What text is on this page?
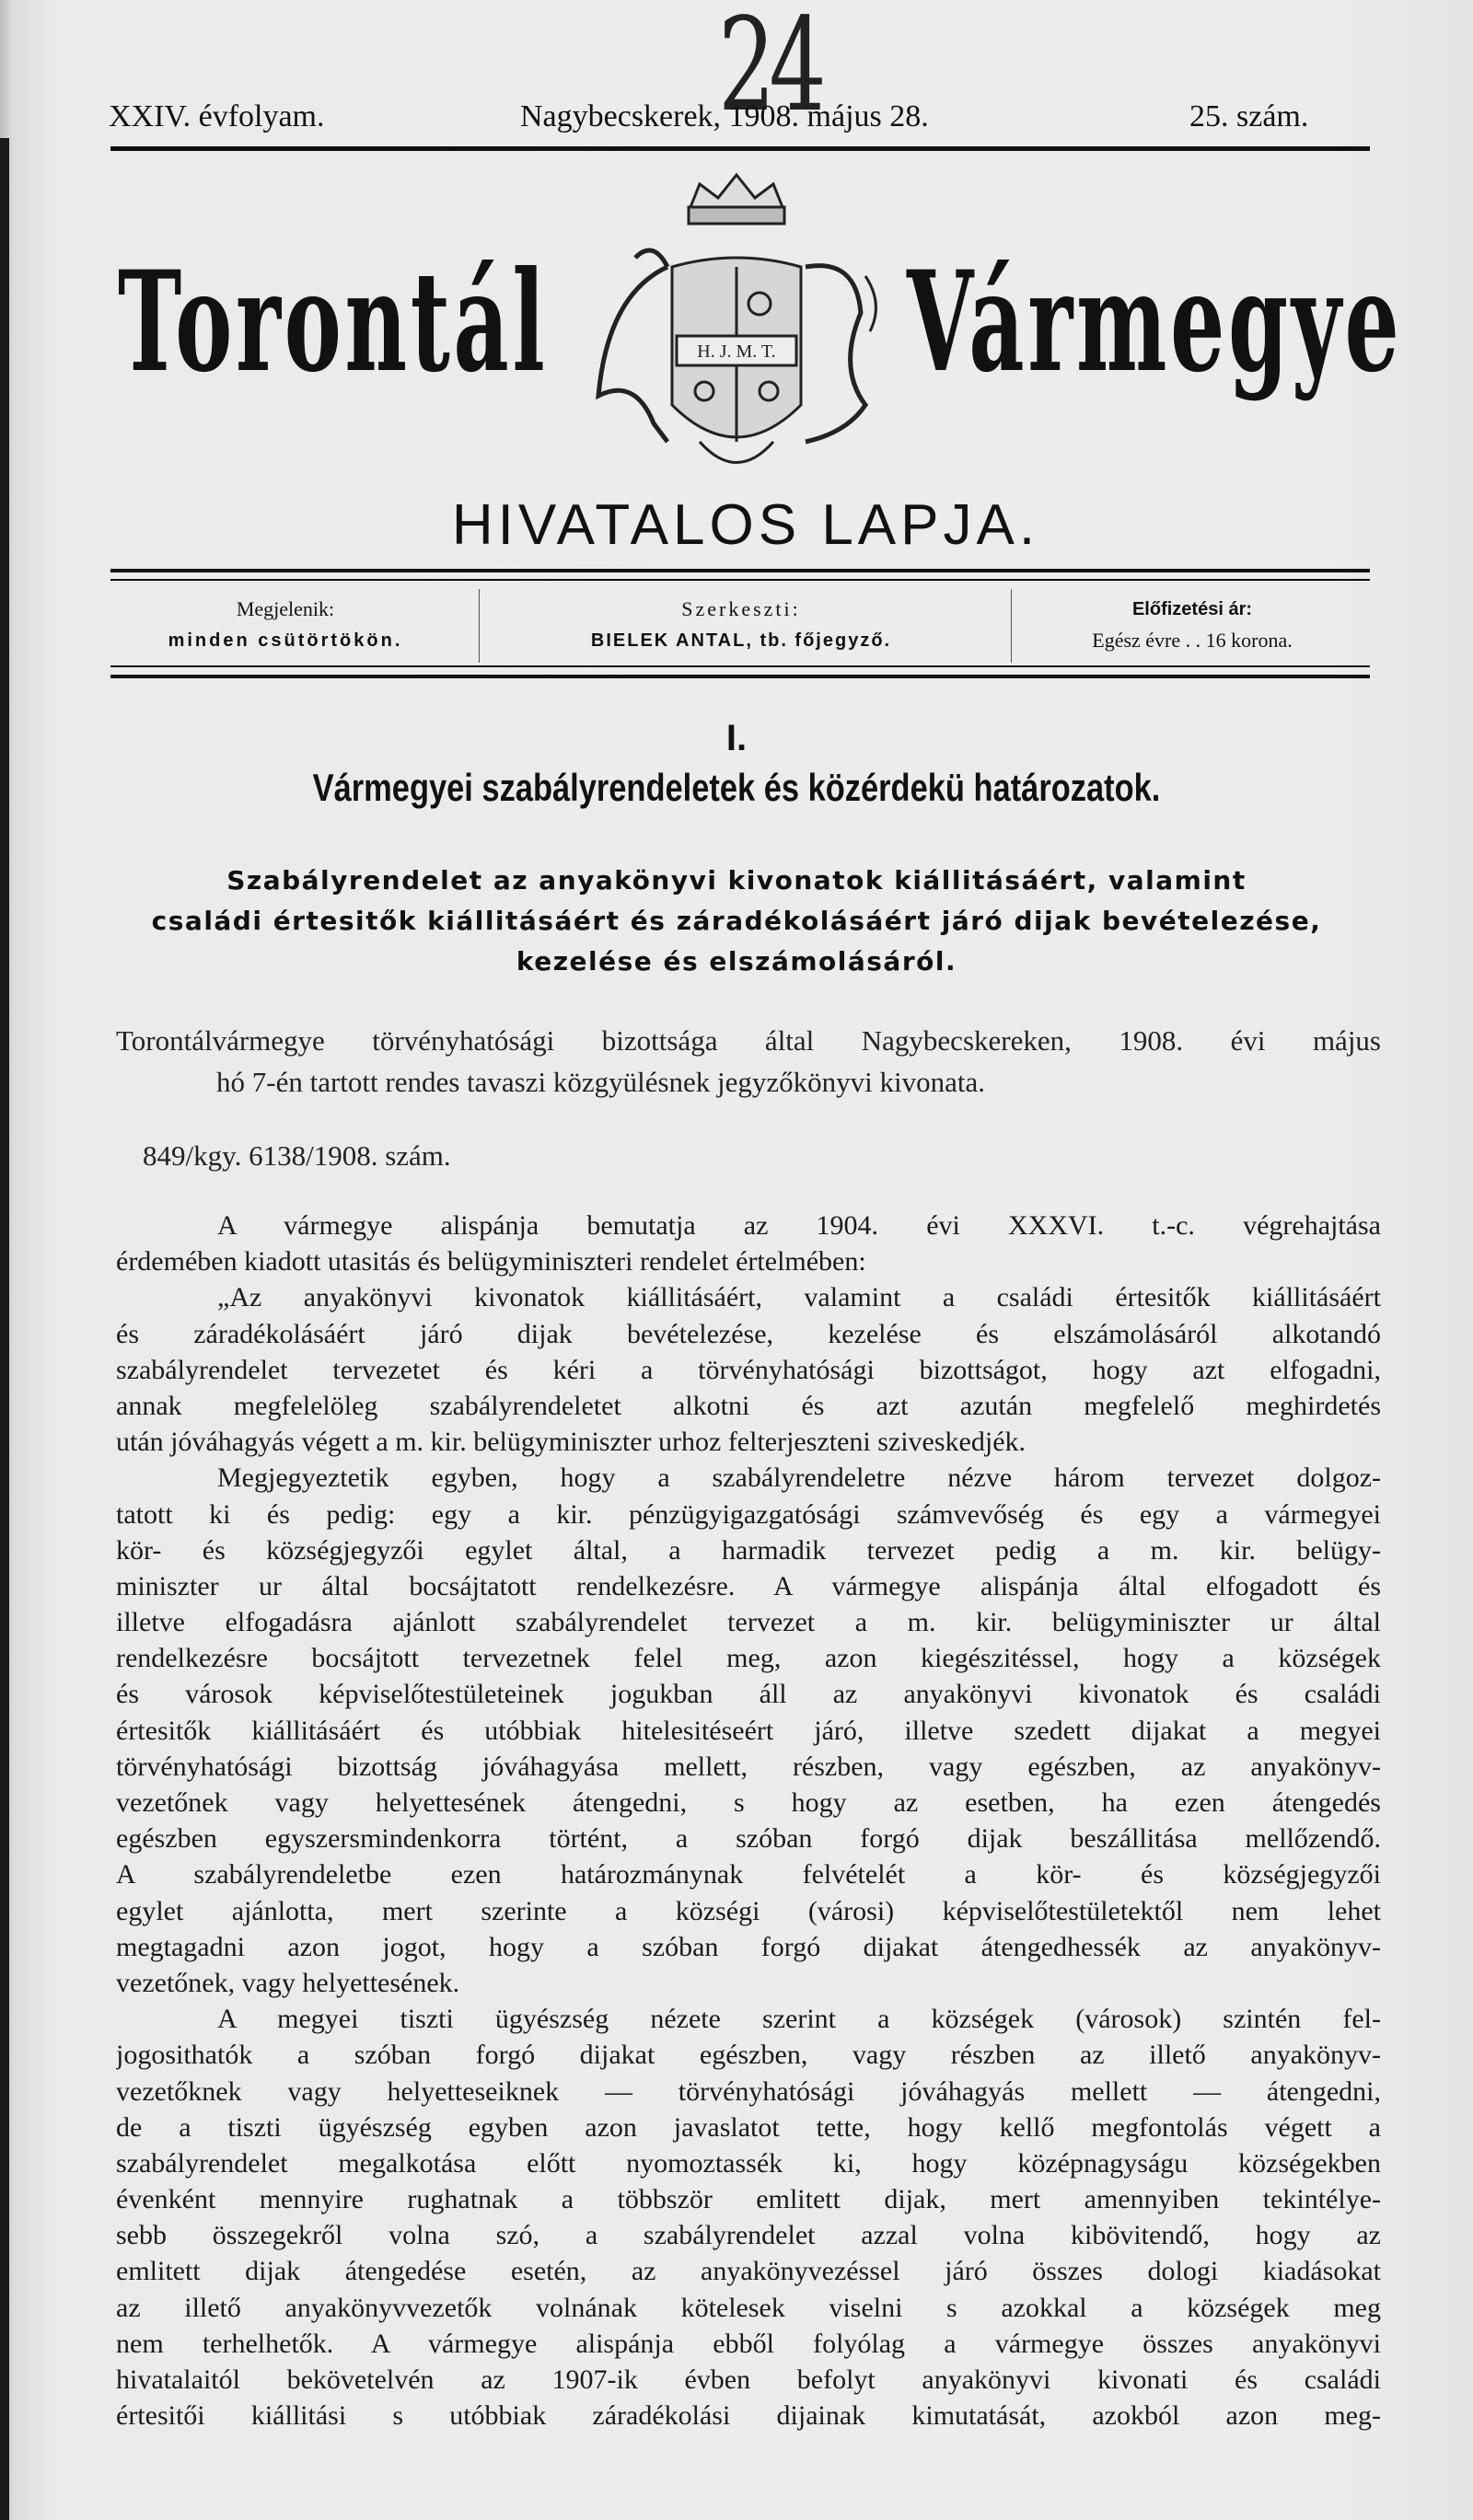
24
XXIV. évfolyam.	Nagybecskerek, 1908. május 28.	25. szám.
Torontál	Vármegye
H. J. M. T.
HIVATALOS LAPJA.
Megjelenik:
minden csütörtökön.
Szerkeszti:
BIELEK ANTAL, tb. főjegyző.
Előfizetési ár:
Egész évre . . 16 korona.
I.
Vármegyei szabályrendeletek és közérdekü határozatok.
Szabályrendelet az anyakönyvi kivonatok kiállitásáért, valamint
családi értesitők kiállitásáért és záradékolásáért járó dijak bevételezése,
kezelése és elszámolásáról.
Torontálvármegye törvényhatósági bizottsága által Nagybecskereken, 1908. évi május
hó 7-én tartott rendes tavaszi közgyülésnek jegyzőkönyvi kivonata.
849/kgy. 6138/1908. szám.
A vármegye alispánja bemutatja az 1904. évi XXXVI. t.-c. végrehajtása
érdemében kiadott utasitás és belügyminiszteri rendelet értelmében:
„Az anyakönyvi kivonatok kiállitásáért, valamint a családi értesitők kiállitásáért
és záradékolásáért járó dijak bevételezése, kezelése és elszámolásáról alkotandó
szabályrendelet tervezetet és kéri a törvényhatósági bizottságot, hogy azt elfogadni,
annak megfelelöleg szabályrendeletet alkotni és azt azután megfelelő meghirdetés
után jóváhagyás végett a m. kir. belügyminiszter urhoz felterjeszteni sziveskedjék.
Megjegyeztetik egyben, hogy a szabályrendeletre nézve három tervezet dolgoz-
tatott ki és pedig: egy a kir. pénzügyigazgatósági számvevőség és egy a vármegyei
kör- és községjegyzői egylet által, a harmadik tervezet pedig a m. kir. belügy-
miniszter ur által bocsájtatott rendelkezésre. A vármegye alispánja által elfogadott és
illetve elfogadásra ajánlott szabályrendelet tervezet a m. kir. belügyminiszter ur által
rendelkezésre bocsájtott tervezetnek felel meg, azon kiegészitéssel, hogy a községek
és városok képviselőtestületeinek jogukban áll az anyakönyvi kivonatok és családi
értesitők kiállitásáért és utóbbiak hitelesitéseért járó, illetve szedett dijakat a megyei
törvényhatósági bizottság jóváhagyása mellett, részben, vagy egészben, az anyakönyv-
vezetőnek vagy helyettesének átengedni, s hogy az esetben, ha ezen átengedés
egészben egyszersmindenkorra történt, a szóban forgó dijak beszállitása mellőzendő.
A szabályrendeletbe ezen határozmánynak felvételét a kör- és községjegyzői
egylet ajánlotta, mert szerinte a községi (városi) képviselőtestületektől nem lehet
megtagadni azon jogot, hogy a szóban forgó dijakat átengedhessék az anyakönyv-
vezetőnek, vagy helyettesének.
A megyei tiszti ügyészség nézete szerint a községek (városok) szintén fel-
jogosithatók a szóban forgó dijakat egészben, vagy részben az illető anyakönyv-
vezetőknek vagy helyetteseiknek — törvényhatósági jóváhagyás mellett — átengedni,
de a tiszti ügyészség egyben azon javaslatot tette, hogy kellő megfontolás végett a
szabályrendelet megalkotása előtt nyomoztassék ki, hogy középnagyságu községekben
évenként mennyire rughatnak a többször emlitett dijak, mert amennyiben tekintélye-
sebb összegekről volna szó, a szabályrendelet azzal volna kibövitendő, hogy az
emlitett dijak átengedése esetén, az anyakönyvezéssel járó összes dologi kiadásokat
az illető anyakönyvvezetők volnának kötelesek viselni s azokkal a községek meg
nem terhelhetők. A vármegye alispánja ebből folyólag a vármegye összes anyakönyvi
hivatalaitól bekövetelvén az 1907-ik évben befolyt anyakönyvi kivonati és családi
értesitői kiállitási s utóbbiak záradékolási dijainak kimutatását, azokból azon meg-
